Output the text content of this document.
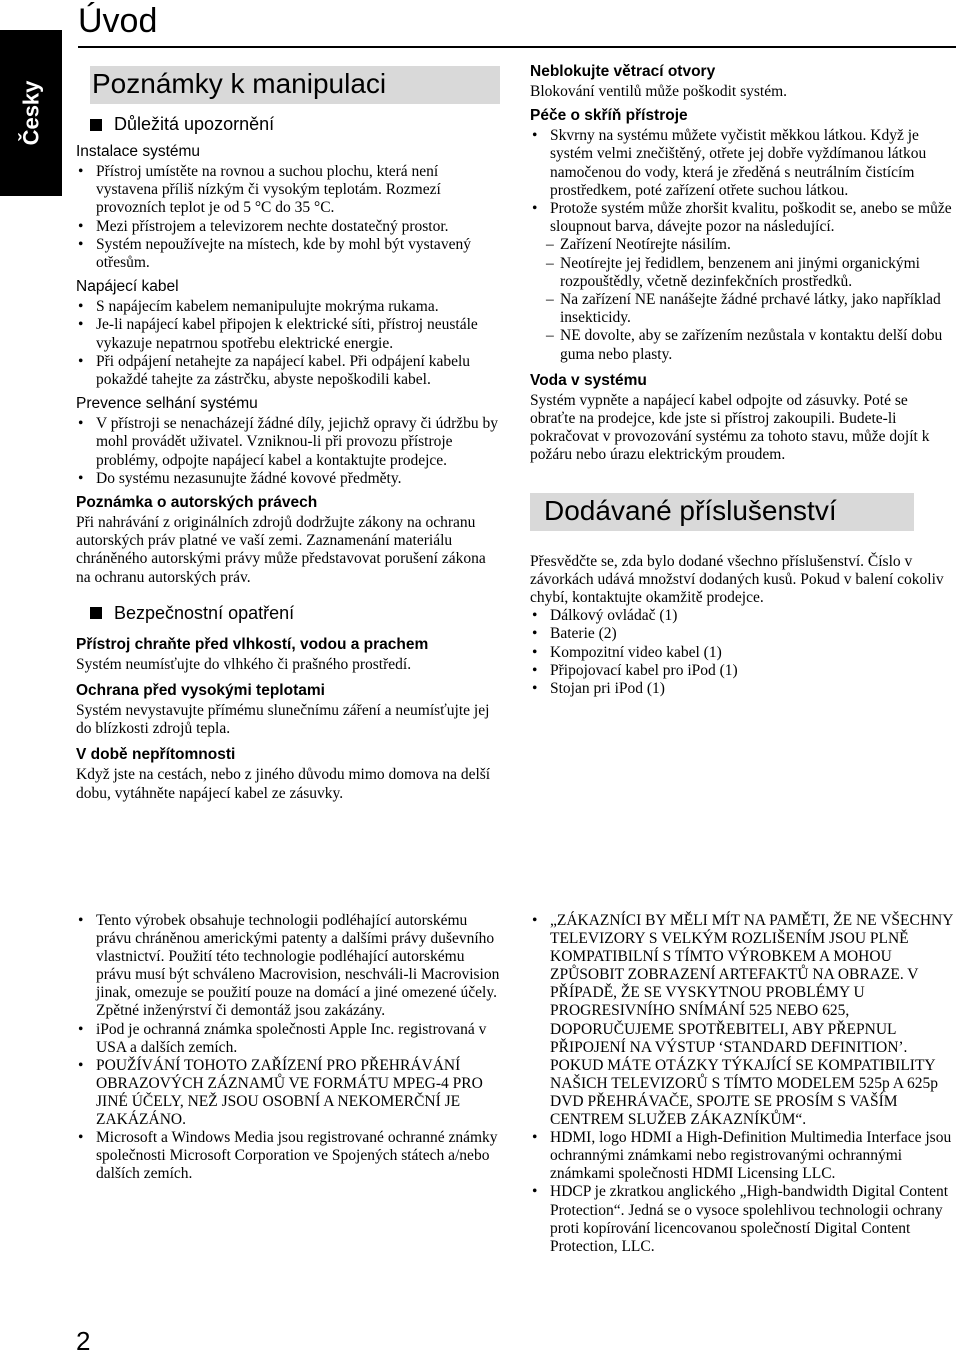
Česky
Úvod
Poznámky k manipulaci
Důležitá upozornění
Instalace systému
• Přístroj umístěte na rovnou a suchou plochu, která není vystavena příliš nízkým či vysokým teplotám. Rozmezí provozních teplot je od 5 °C do 35 °C.
• Mezi přístrojem a televizorem nechte dostatečný prostor.
• Systém nepoužívejte na místech, kde by mohl být vystavený otřesům.
Napájecí kabel
• S napájecím kabelem nemanipulujte mokrýma rukama.
• Je-li napájecí kabel připojen k elektrické síti, přístroj neustále vykazuje nepatrnou spotřebu elektrické energie.
• Při odpájení netahejte za napájecí kabel. Při odpájení kabelu pokaždé tahejte za zástrčku, abyste nepoškodili kabel.
Prevence selhání systému
• V přístroji se nenacházejí žádné díly, jejichž opravy či údržbu by mohl provádět uživatel. Vzniknou-li při provozu přístroje problémy, odpojte napájecí kabel a kontaktujte prodejce.
• Do systému nezasunujte žádné kovové předměty.
Poznámka o autorských právech

Při nahrávání z originálních zdrojů dodržujte zákony na ochranu autorských práv platné ve vaší zemi. Zaznamenání materiálu chráněného autorskými právy může představovat porušení zákona na ochranu autorských práv.

Bezpečnostní opatření
Přístroj chraňte před vlhkostí, vodou a prachem

Systém neumísťujte do vlhkého či prašného prostředí.

Ochrana před vysokými teplotami

Systém nevystavujte přímému slunečnímu záření a neumísťujte jej do blízkosti zdrojů tepla.

V době nepřítomnosti

Když jste na cestách, nebo z jiného důvodu mimo domova na delší dobu, vytáhněte napájecí kabel ze zásuvky.

Neblokujte větrací otvory

Blokování ventilů může poškodit systém.

Péče o skříň přístroje
• Skvrny na systému můžete vyčistit měkkou látkou. Když je systém velmi znečištěný, otřete jej dobře vyždímanou látkou namočenou do vody, která je zředěná s neutrálním čistícím prostředkem, poté zařízení otřete suchou látkou.
• Protože systém může zhoršit kvalitu, poškodit se, anebo se může sloupnout barva, dávejte pozor na následující.
– Zařízení Neotírejte násilím.
– Neotírejte jej ředidlem, benzenem ani jinými organickými rozpouštědly, včetně dezinfekčních prostředků.
– Na zařízení NE nanášejte žádné prchavé látky, jako například insekticidy.
– NE dovolte, aby se zařízením nezůstala v kontaktu delší dobu guma nebo plasty.
Voda v systému

Systém vypněte a napájecí kabel odpojte od zásuvky. Poté se obraťte na prodejce, kde jste si přístroj zakoupili. Budete-li pokračovat v provozování systému za tohoto stavu, může dojít k požáru nebo úrazu elektrickým proudem.

Dodávané příslušenství

Přesvědčte se, zda bylo dodané všechno příslušenství. Číslo v závorkách udává množství dodaných kusů. Pokud v balení cokoliv chybí, kontaktujte okamžitě prodejce.

• Dálkový ovládač (1)
• Baterie (2)
• Kompozitní video kabel (1)
• Připojovací kabel pro iPod (1)
• Stojan pri iPod (1)
• Tento výrobek obsahuje technologii podléhající autorskému právu chráněnou americkými patenty a dalšími právy duševního vlastnictví. Použití této technologie podléhající autorskému právu musí být schváleno Macrovision, neschváli-li Macrovision jinak, omezuje se použití pouze na domácí a jiné omezené účely. Zpětné inženýrství či demontáž jsou zakázány.
• iPod je ochranná známka společnosti Apple Inc. registrovaná v USA a dalších zemích.
• POUŽÍVÁNÍ TOHOTO ZAŘÍZENÍ PRO PŘEHRÁVÁNÍ OBRAZOVÝCH ZÁZNAMŮ VE FORMÁTU MPEG-4 PRO JINÉ ÚČELY, NEŽ JSOU OSOBNÍ A NEKOMERČNÍ JE ZAKÁZÁNO.
• Microsoft a Windows Media jsou registrované ochranné známky společnosti Microsoft Corporation ve Spojených státech a/nebo dalších zemích.
• „ZÁKAZNÍCI BY MĚLI MÍT NA PAMĚTI, ŽE NE VŠECHNY TELEVIZORY S VELKÝM ROZLIŠENÍM JSOU PLNĚ KOMPATIBILNÍ S TÍMTO VÝROBKEM A MOHOU ZPŮSOBIT ZOBRAZENÍ ARTEFAKTŮ NA OBRAZE. V PŘÍPADĚ, ŽE SE VYSKYTNOU PROBLÉMY U PROGRESIVNÍHO SNÍMÁNÍ 525 NEBO 625, DOPORUČUJEME SPOTŘEBITELI, ABY PŘEPNUL PŘIPOJENÍ NA VÝSTUP ‘STANDARD DEFINITION’. POKUD MÁTE OTÁZKY TÝKAJÍCÍ SE KOMPATIBILITY NAŠICH TELEVIZORŮ S TÍMTO MODELEM 525p A 625p DVD PŘEHRÁVAČE, SPOJTE SE PROSÍM S VAŠÍM CENTREM SLUŽEB ZÁKAZNÍKŮM“.
• HDMI, logo HDMI a High-Definition Multimedia Interface jsou ochrannými známkami nebo registrovanými ochrannými známkami společnosti HDMI Licensing LLC.
• HDCP je zkratkou anglického „High-bandwidth Digital Content Protection“. Jedná se o vysoce spolehlivou technologii ochrany proti kopírování licencovanou společností Digital Content Protection, LLC.
2
